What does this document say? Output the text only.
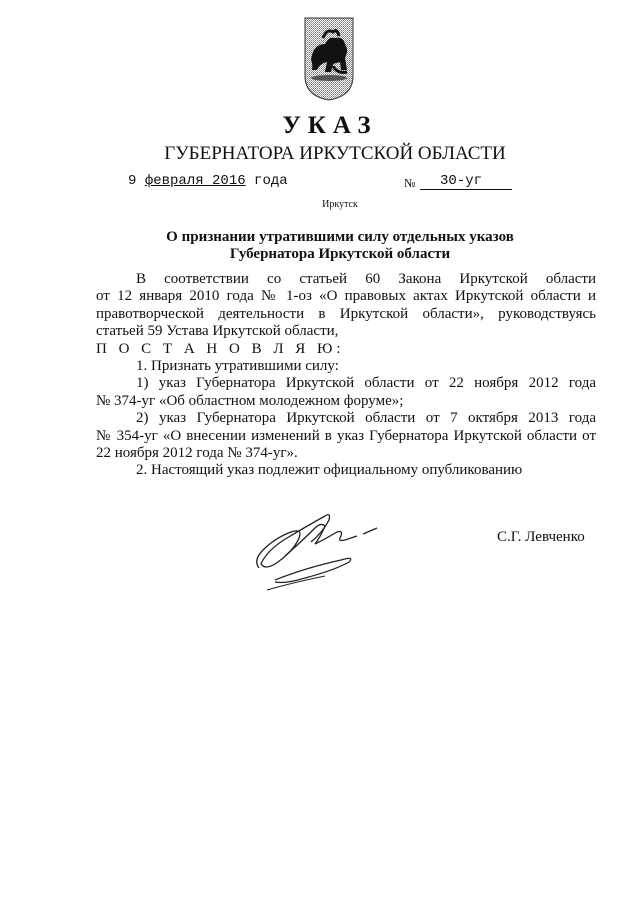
УКАЗ
ГУБЕРНАТОРА ИРКУТСКОЙ ОБЛАСТИ
9 февраля 2016 года	№	30-уг
Иркутск
О признании утратившими силу отдельных указов
Губернатора Иркутской области

В соответствии со статьей 60 Закона Иркутской области

от 12 января 2010 года № 1-оз «О правовых актах Иркутской области и

правотворческой деятельности в Иркутской области», руководствуясь

статьей 59 Устава Иркутской области,

П О С Т А Н О В Л Я Ю:

1. Признать утратившими силу:

1) указ Губернатора Иркутской области от 22 ноября 2012 года

№ 374-уг «Об областном молодежном форуме»;

2) указ Губернатора Иркутской области от 7 октября 2013 года

№ 354-уг «О внесении изменений в указ Губернатора Иркутской области от

22 ноября 2012 года № 374-уг».

2. Настоящий указ подлежит официальному опубликованию

С.Г. Левченко
